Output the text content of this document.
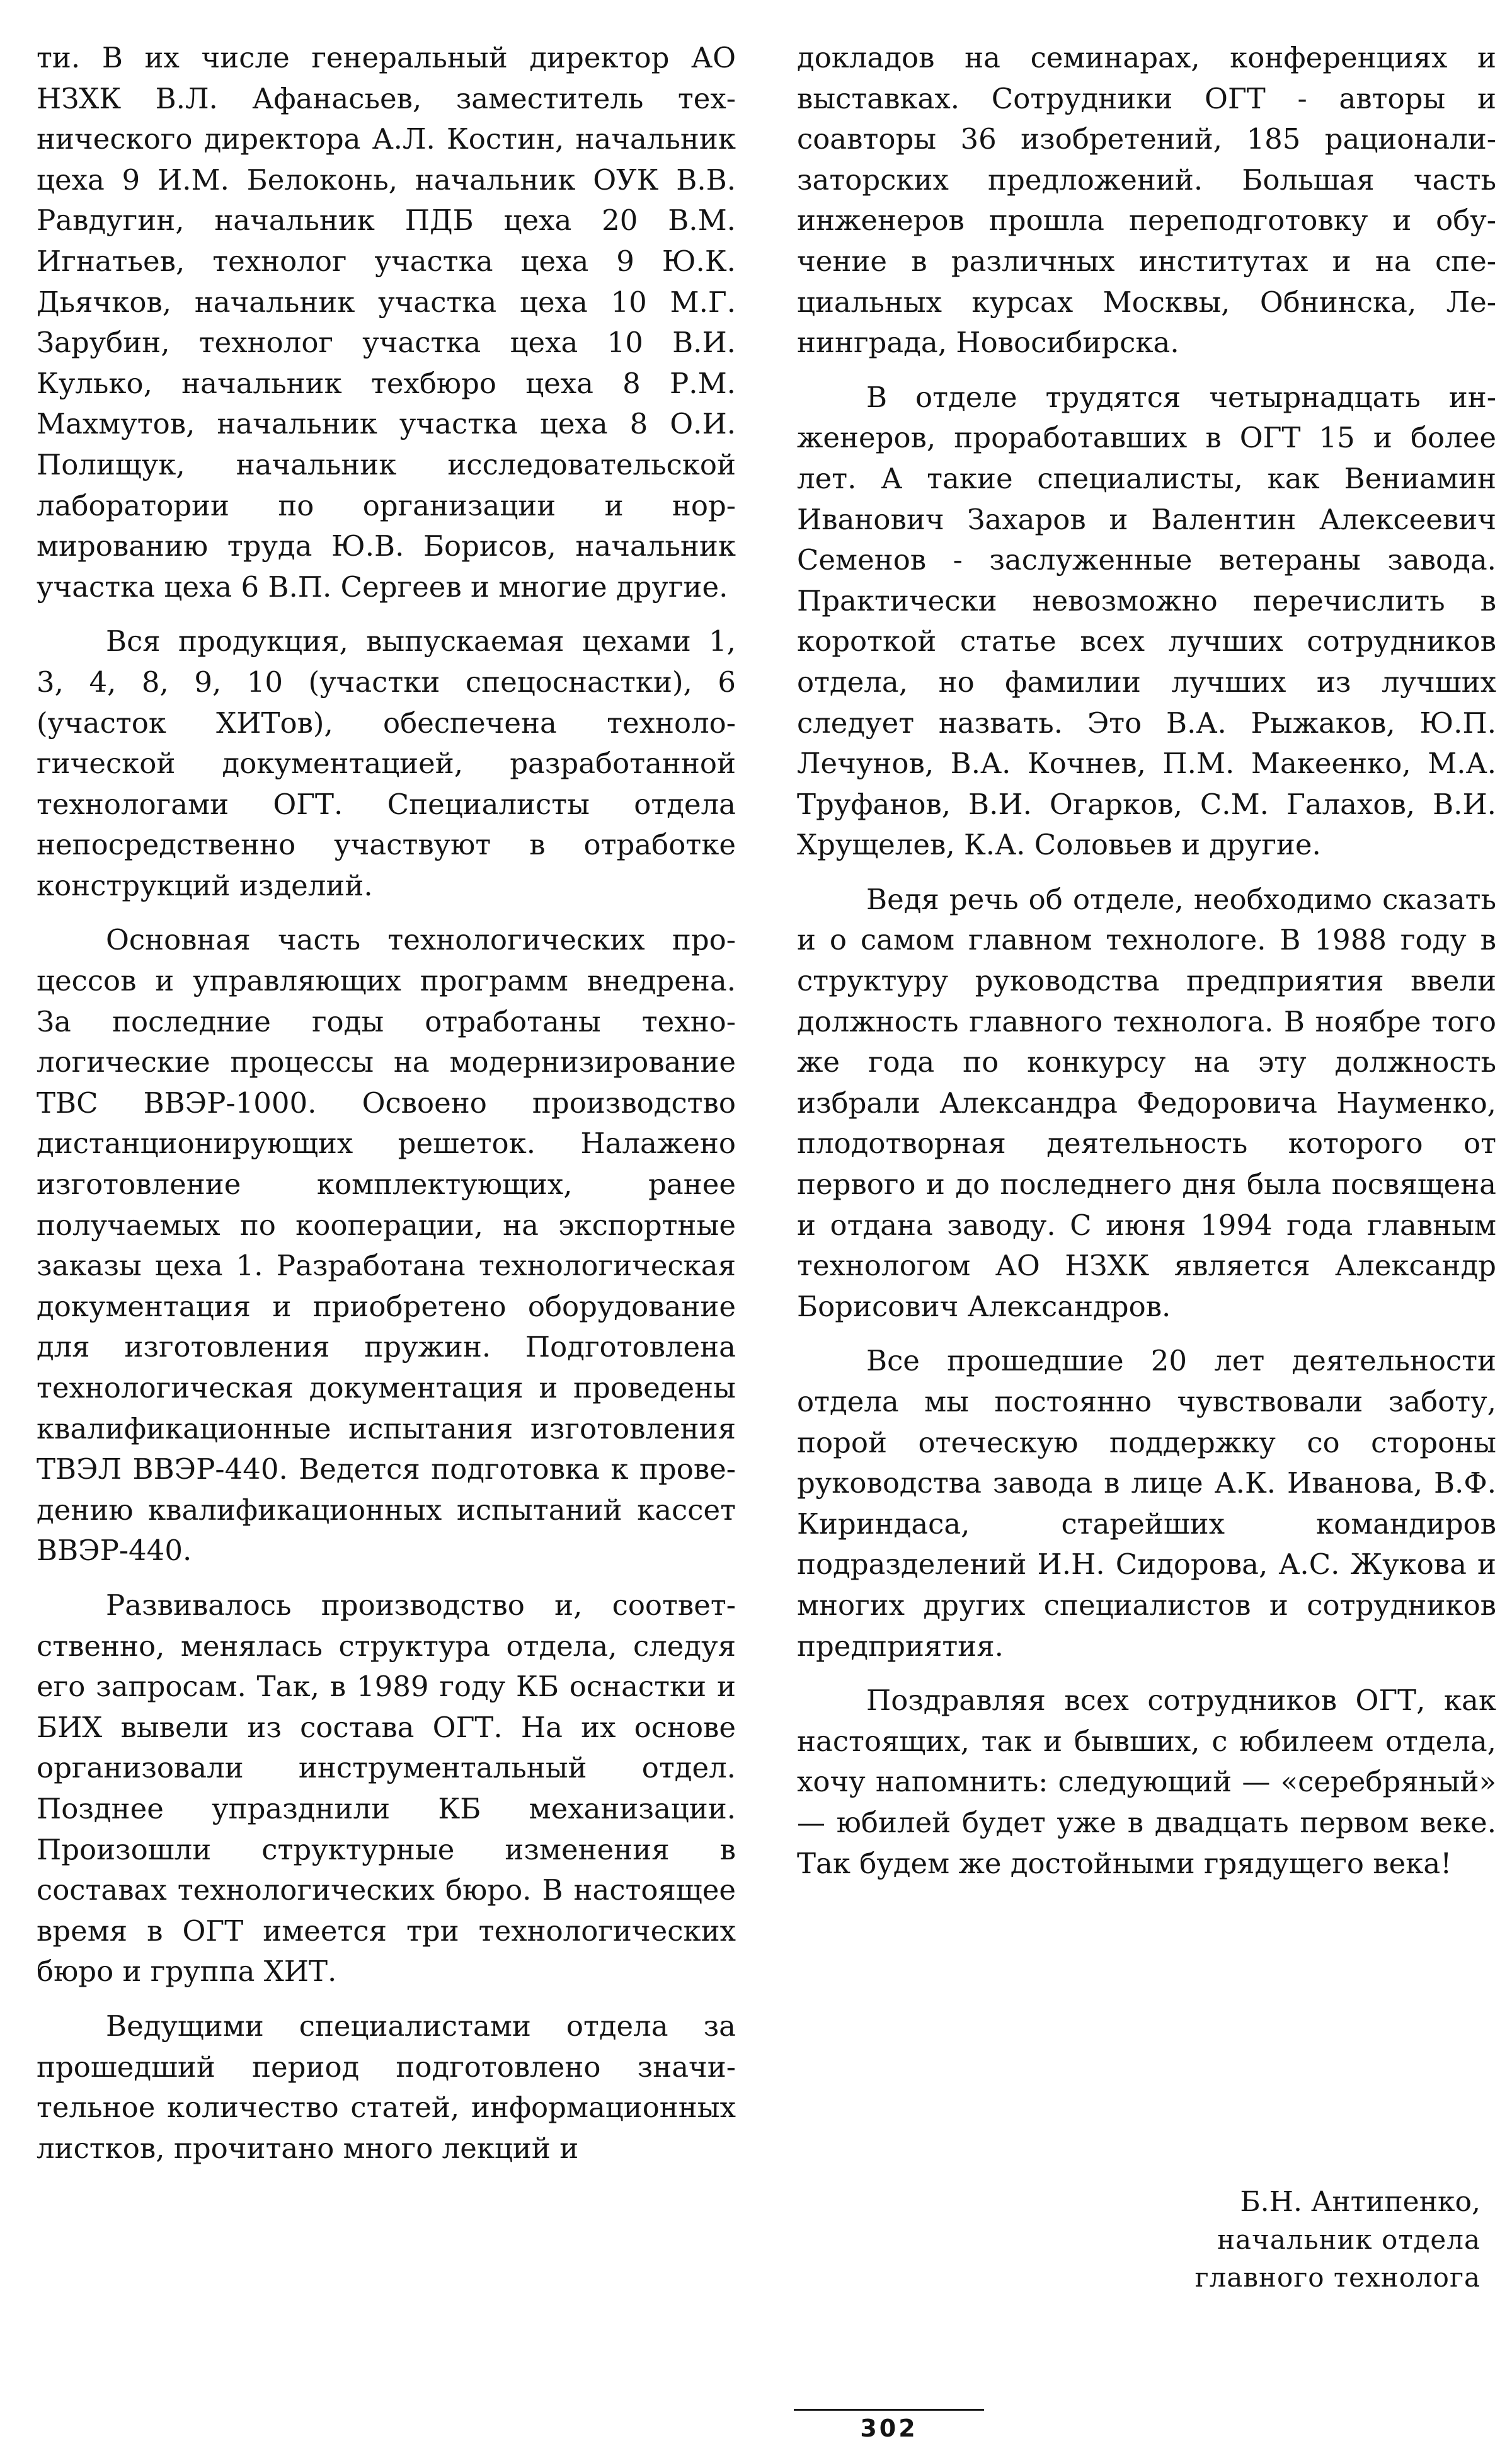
ти. В их числе генеральный директор АО НЗХК В.Л. Афанасьев, заместитель технического директора А.Л. Костин, начальник цеха 9 И.М. Белоконь, начальник ОУК В.В. Равдугин, начальник ПДБ цеха 20 В.М. Игнатьев, технолог участка цеха 9 Ю.К. Дьячков, начальник участка цеха 10 М.Г. Зарубин, технолог участка цеха 10 В.И. Кулько, начальник техбюро цеха 8 Р.М. Махмутов, начальник участка цеха 8 О.И. Полищук, начальник исследовательской лаборатории по организации и нормированию труда Ю.В. Борисов, начальник участка цеха 6 В.П. Сергеев и многие другие.

Вся продукция, выпускаемая цехами 1, 3, 4, 8, 9, 10 (участки спецоснастки), 6 (участок ХИТов), обеспечена технологической документацией, разработанной технологами ОГТ. Специалисты отдела непосредственно участвуют в отработке конструкций изделий.

Основная часть технологических процессов и управляющих программ внедрена. За последние годы отработаны технологические процессы на модернизирование ТВС ВВЭР-1000. Освоено производство дистанционирующих решеток. Налажено изготовление комплектующих, ранее получаемых по кооперации, на экспортные заказы цеха 1. Разработана технологическая документация и приобретено оборудование для изготовления пружин. Подготовлена технологическая документация и проведены квалификационные испытания изготовления ТВЭЛ ВВЭР-440. Ведется подготовка к проведению квалификационных испытаний кассет ВВЭР-440.

Развивалось производство и, соответственно, менялась структура отдела, следуя его запросам. Так, в 1989 году КБ оснастки и БИХ вывели из состава ОГТ. На их основе организовали инструментальный отдел. Позднее упразднили КБ механизации. Произошли структурные изменения в составах технологических бюро. В настоящее время в ОГТ имеется три технологических бюро и группа ХИТ.

Ведущими специалистами отдела за прошедший период подготовлено значительное количество статей, информационных листков, прочитано много лекций и

докладов на семинарах, конференциях и выставках. Сотрудники ОГТ - авторы и соавторы 36 изобретений, 185 рационализаторских предложений. Большая часть инженеров прошла переподготовку и обучение в различных институтах и на специальных курсах Москвы, Обнинска, Ленинграда, Новосибирска.

В отделе трудятся четырнадцать инженеров, проработавших в ОГТ 15 и более лет. А такие специалисты, как Вениамин Иванович Захаров и Валентин Алексеевич Семенов - заслуженные ветераны завода. Практически невозможно перечислить в короткой статье всех лучших сотрудников отдела, но фамилии лучших из лучших следует назвать. Это В.А. Рыжаков, Ю.П. Лечунов, В.А. Кочнев, П.М. Макеенко, М.А. Труфанов, В.И. Огарков, С.М. Галахов, В.И. Хрущелев, К.А. Соловьев и другие.

Ведя речь об отделе, необходимо сказать и о самом главном технологе. В 1988 году в структуру руководства предприятия ввели должность главного технолога. В ноябре того же года по конкурсу на эту должность избрали Александра Федоровича Науменко, плодотворная деятельность которого от первого и до последнего дня была посвящена и отдана заводу. С июня 1994 года главным технологом АО НЗХК является Александр Борисович Александров.

Все прошедшие 20 лет деятельности отдела мы постоянно чувствовали заботу, порой отеческую поддержку со стороны руководства завода в лице А.К. Иванова, В.Ф. Кириндаса, старейших командиров подразделений И.Н. Сидорова, А.С. Жукова и многих других специалистов и сотрудников предприятия.

Поздравляя всех сотрудников ОГТ, как настоящих, так и бывших, с юбилеем отдела, хочу напомнить: следующий — «серебряный» — юбилей будет уже в двадцать первом веке. Так будем же достойными грядущего века!

Б.Н. Антипенко,
начальник отдела
главного технолога
302
